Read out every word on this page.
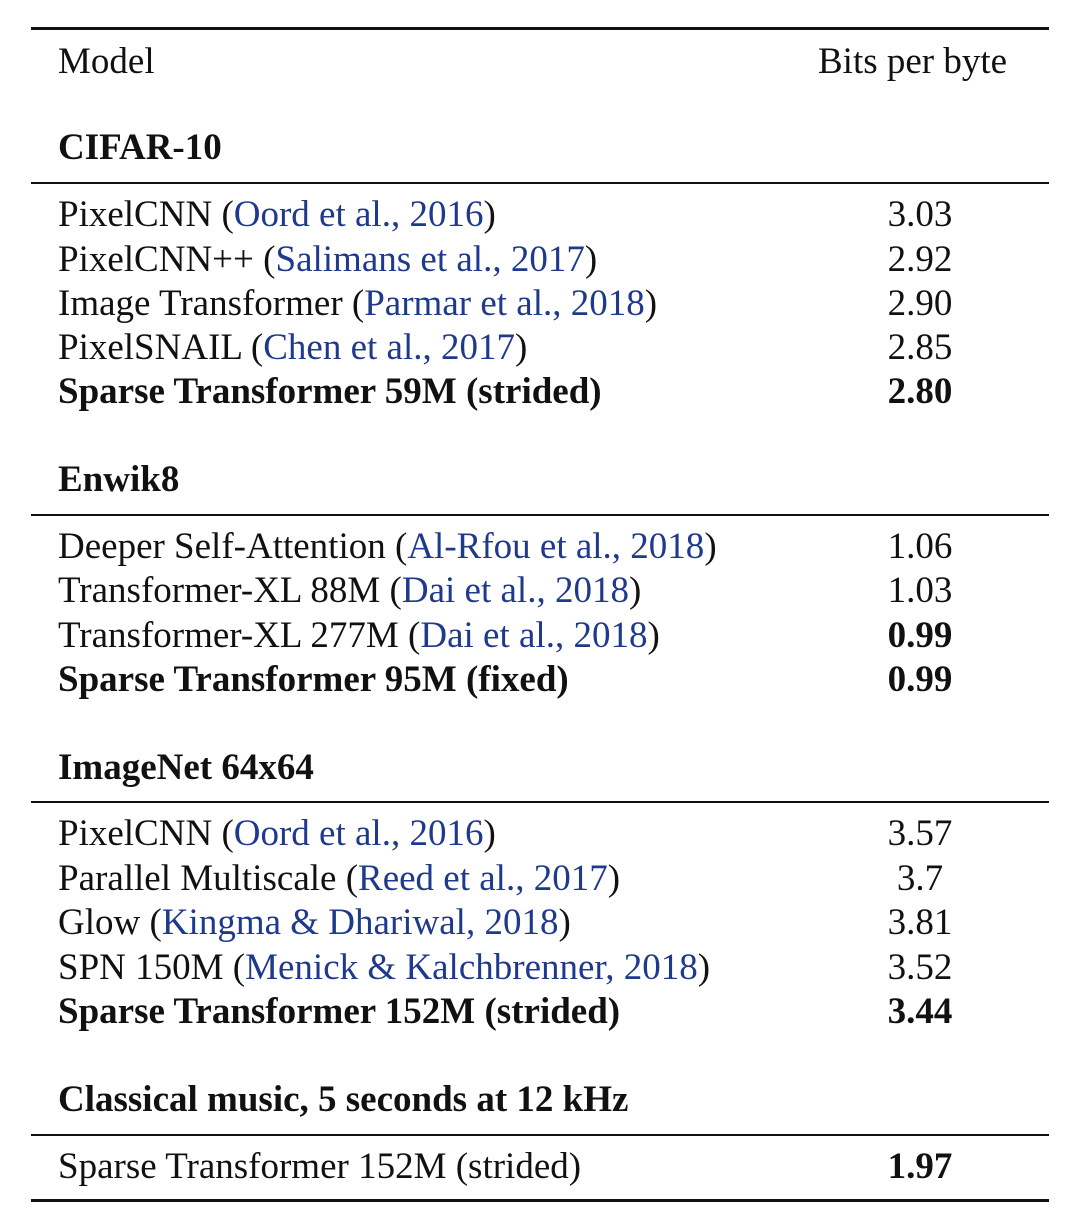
Model	Bits per byte
CIFAR-10
PixelCNN (Oord et al., 2016)	3.03
PixelCNN++ (Salimans et al., 2017)	2.92
Image Transformer (Parmar et al., 2018)	2.90
PixelSNAIL (Chen et al., 2017)	2.85
Sparse Transformer 59M (strided)	2.80
Enwik8
Deeper Self-Attention (Al-Rfou et al., 2018)	1.06
Transformer-XL 88M (Dai et al., 2018)	1.03
Transformer-XL 277M (Dai et al., 2018)	0.99
Sparse Transformer 95M (fixed)	0.99
ImageNet 64x64
PixelCNN (Oord et al., 2016)	3.57
Parallel Multiscale (Reed et al., 2017)	3.7
Glow (Kingma & Dhariwal, 2018)	3.81
SPN 150M (Menick & Kalchbrenner, 2018)	3.52
Sparse Transformer 152M (strided)	3.44
Classical music, 5 seconds at 12 kHz
Sparse Transformer 152M (strided)	1.97
